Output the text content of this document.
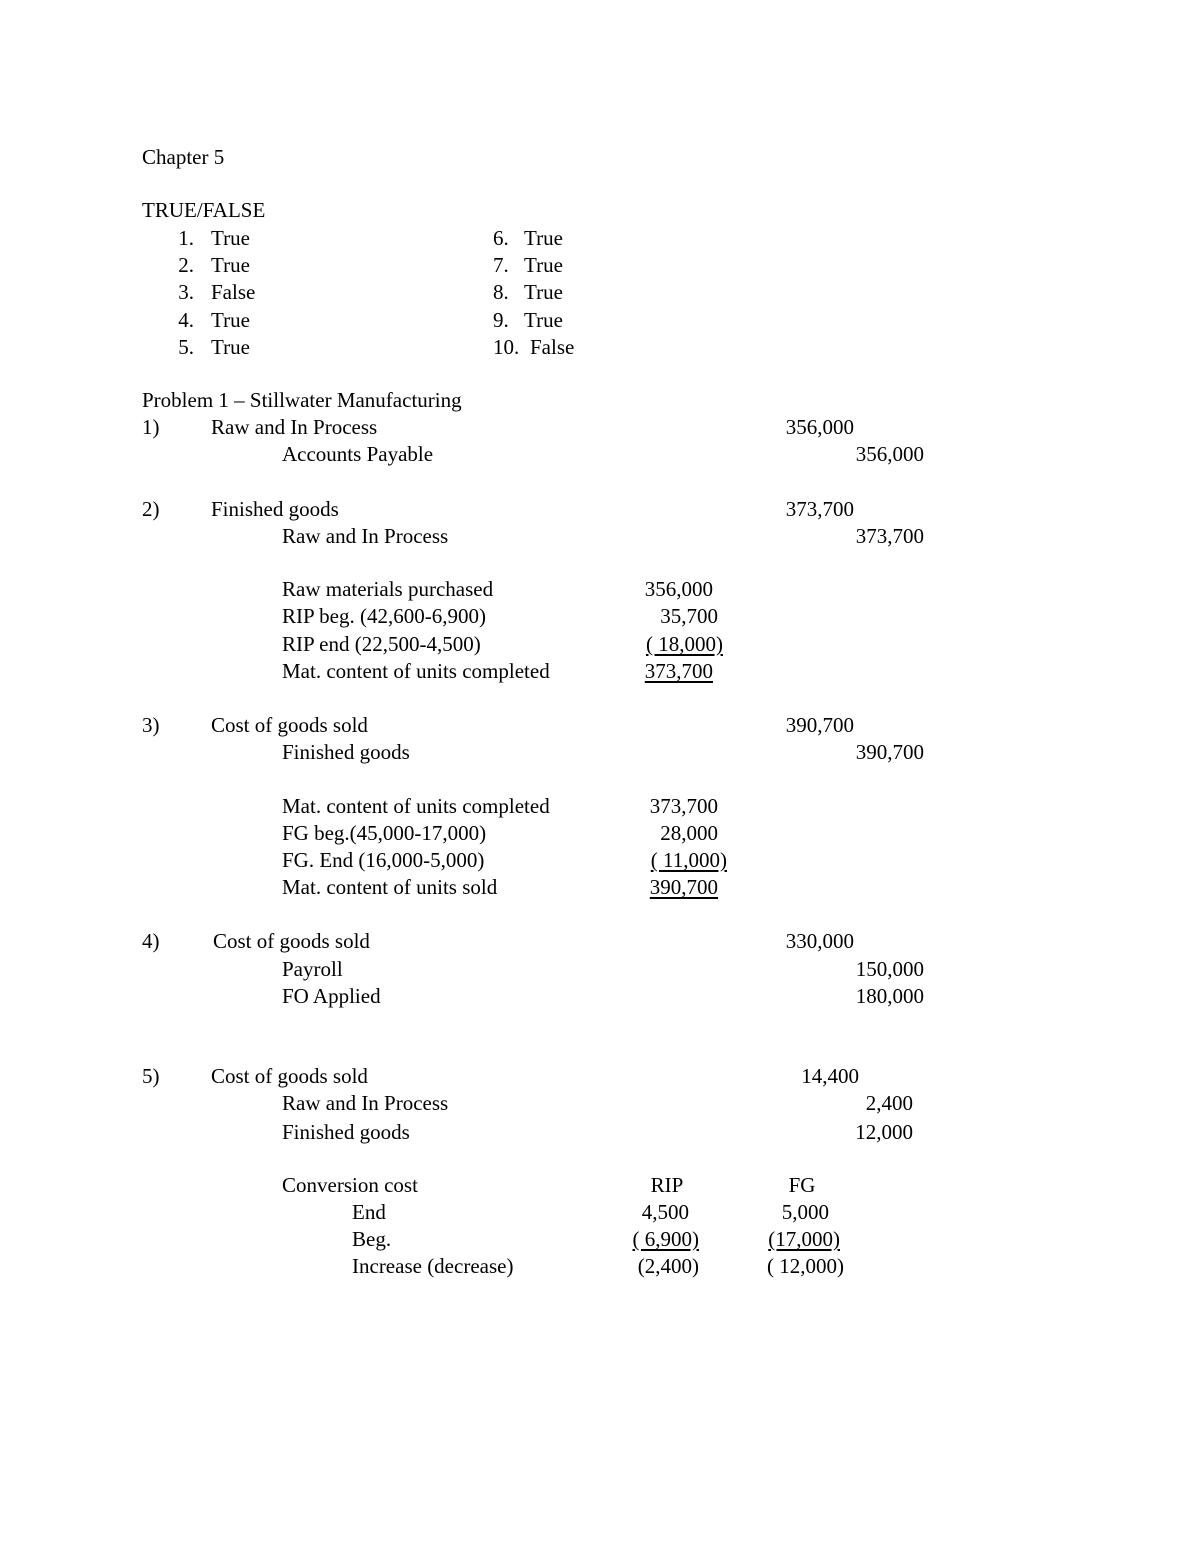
Chapter 5
TRUE/FALSE
1. True
2. True
3. False
4. True
5. True
6. True
7. True
8. True
9. True
10. False
Problem 1 – Stillwater Manufacturing
1) Raw and In Process	356,000
Accounts Payable	356,000
2) Finished goods	373,700
Raw and In Process	373,700
Raw materials purchased	356,000
RIP beg. (42,600-6,900)	35,700
RIP end (22,500-4,500)	( 18,000)
Mat. content of units completed	373,700
3) Cost of goods sold	390,700
Finished goods	390,700
Mat. content of units completed	373,700
FG beg.(45,000-17,000)	28,000
FG. End (16,000-5,000)	( 11,000)
Mat. content of units sold	390,700
4)	Cost of goods sold	330,000
Payroll	150,000
FO Applied	180,000
5) Cost of goods sold	14,400
Raw and In Process	2,400
Finished goods	12,000
Conversion cost	RIP	FG
End	4,500	5,000
Beg.	( 6,900)	(17,000)
Increase (decrease)	(2,400)	( 12,000)
